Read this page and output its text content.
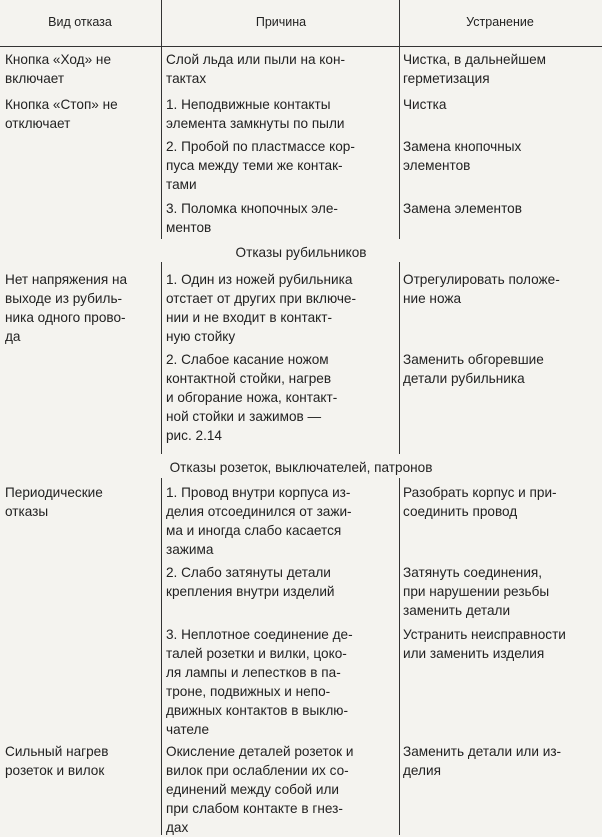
Вид отказа	Причина	Устранение
Кнопка «Ход» не
включает
Слой льда или пыли на кон-
тактах
Чистка, в дальнейшем
герметизация
Кнопка «Стоп» не
отключает
1. Неподвижные контакты
элемента замкнуты по пыли
Чистка
2. Пробой по пластмассе кор-
пуса между теми же контак-
тами
Замена кнопочных
элементов
3. Поломка кнопочных эле-
ментов
Замена элементов
Отказы рубильников
Нет напряжения на
выходе из рубиль-
ника одного прово-
да
1. Один из ножей рубильника
отстает от других при включе-
нии и не входит в контакт-
ную стойку
Отрегулировать положе-
ние ножа
2. Слабое касание ножом
контактной стойки, нагрев
и обгорание ножа, контакт-
ной стойки и зажимов —
рис. 2.14
Заменить обгоревшие
детали рубильника
Отказы розеток, выключателей, патронов
Периодические
отказы
1. Провод внутри корпуса из-
делия отсоединился от зажи-
ма и иногда слабо касается
зажима
Разобрать корпус и при-
соединить провод
2. Слабо затянуты детали
крепления внутри изделий
Затянуть соединения,
при нарушении резьбы
заменить детали
3. Неплотное соединение де-
талей розетки и вилки, цоко-
ля лампы и лепестков в па-
троне, подвижных и непо-
движных контактов в выклю-
чателе
Устранить неисправности
или заменить изделия
Сильный нагрев
розеток и вилок
Окисление деталей розеток и
вилок при ослаблении их со-
единений между собой или
при слабом контакте в гнез-
дах
Заменить детали или из-
делия
